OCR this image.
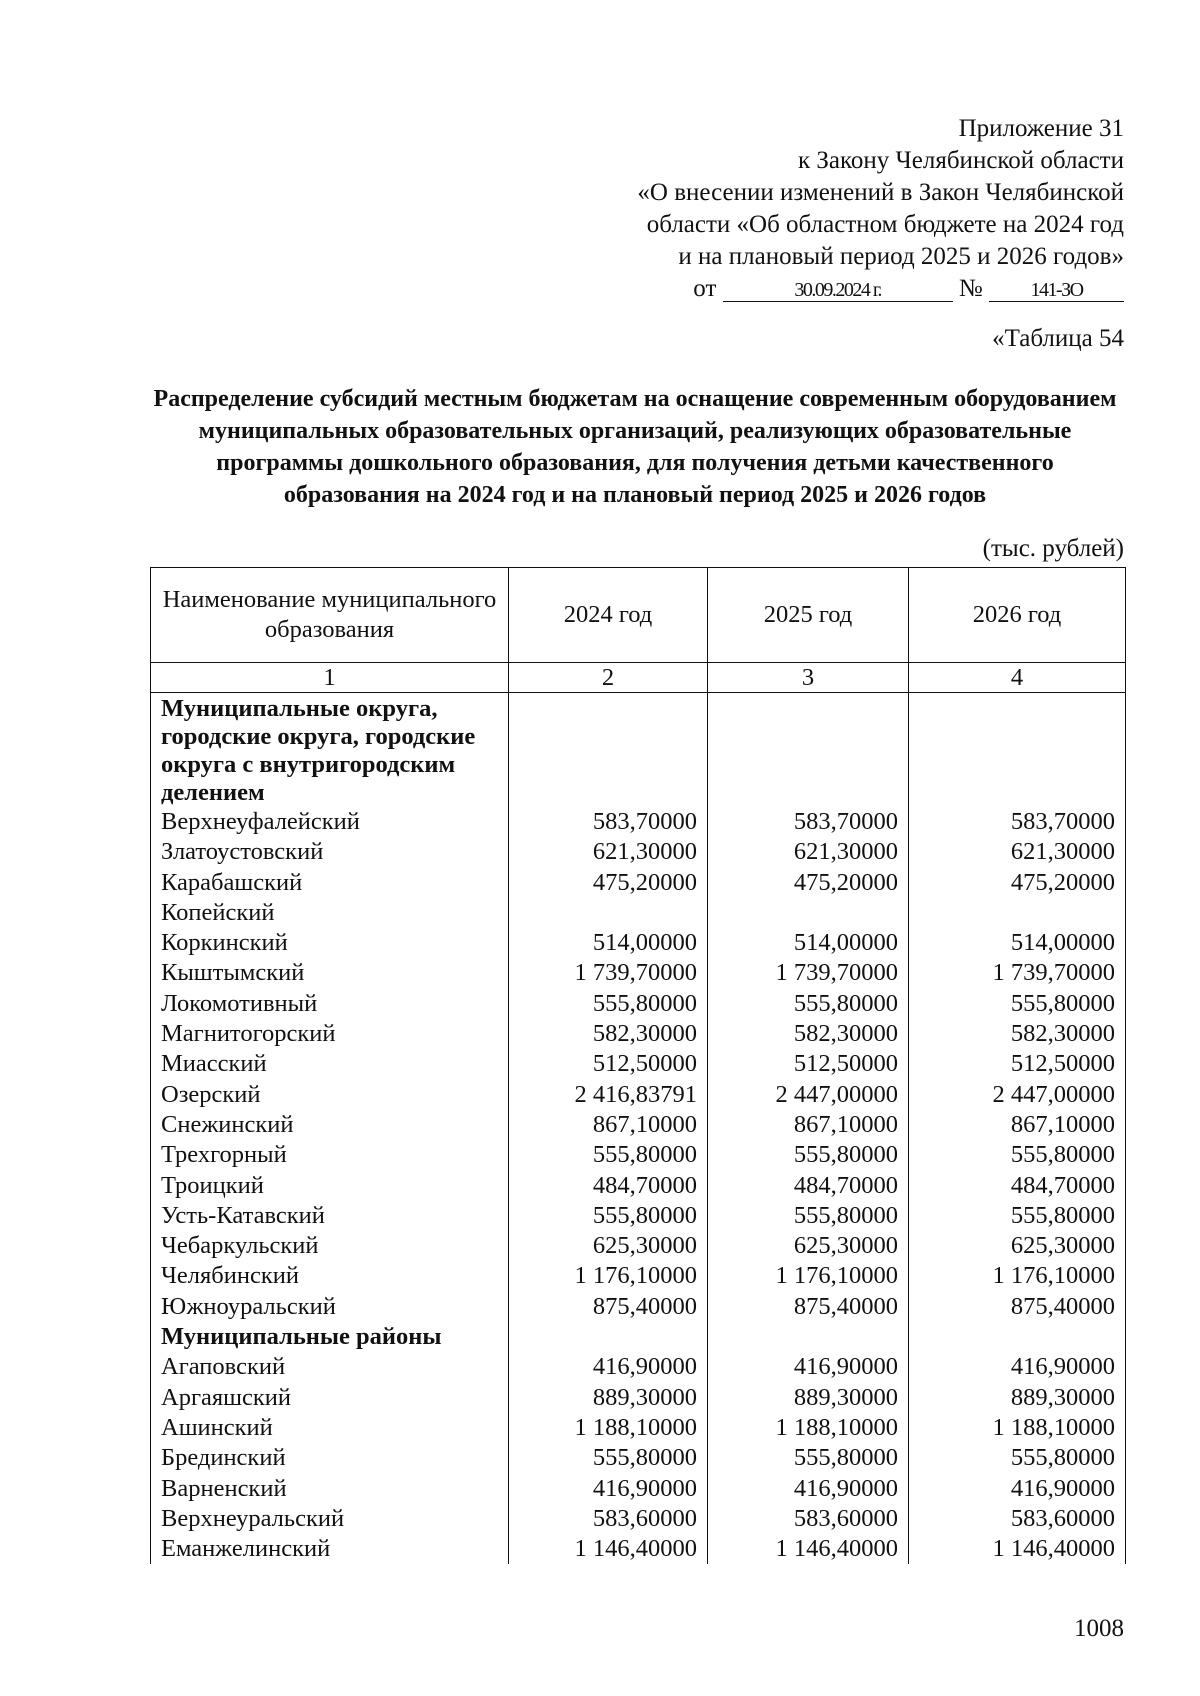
Приложение 31
к Закону Челябинской области
«О внесении изменений в Закон Челябинской
области «Об областном бюджете на 2024 год
и на плановый период 2025 и 2026 годов»
от	30.09.2024 г.	№ 141-ЗО
«Таблица 54
Распределение субсидий местным бюджетам на оснащение современным оборудованием муниципальных образовательных организаций, реализующих образовательные программы дошкольного образования, для получения детьми качественного образования на 2024 год и на плановый период 2025 и 2026 годов
(тыс. рублей)
Наименование муниципального образования	2024 год	2025 год	2026 год
1	2	3	4
Муниципальные округа, городские округа, городские округа с внутригородским делением			
Верхнеуфалейский	583,70000	583,70000	583,70000
Златоустовский	621,30000	621,30000	621,30000
Карабашский	475,20000	475,20000	475,20000
Копейский			
Коркинский	514,00000	514,00000	514,00000
Кыштымский	1 739,70000	1 739,70000	1 739,70000
Локомотивный	555,80000	555,80000	555,80000
Магнитогорский	582,30000	582,30000	582,30000
Миасский	512,50000	512,50000	512,50000
Озерский	2 416,83791	2 447,00000	2 447,00000
Снежинский	867,10000	867,10000	867,10000
Трехгорный	555,80000	555,80000	555,80000
Троицкий	484,70000	484,70000	484,70000
Усть-Катавский	555,80000	555,80000	555,80000
Чебаркульский	625,30000	625,30000	625,30000
Челябинский	1 176,10000	1 176,10000	1 176,10000
Южноуральский	875,40000	875,40000	875,40000
Муниципальные районы			
Агаповский	416,90000	416,90000	416,90000
Аргаяшский	889,30000	889,30000	889,30000
Ашинский	1 188,10000	1 188,10000	1 188,10000
Брединский	555,80000	555,80000	555,80000
Варненский	416,90000	416,90000	416,90000
Верхнеуральский	583,60000	583,60000	583,60000
Еманжелинский	1 146,40000	1 146,40000	1 146,40000
1008
